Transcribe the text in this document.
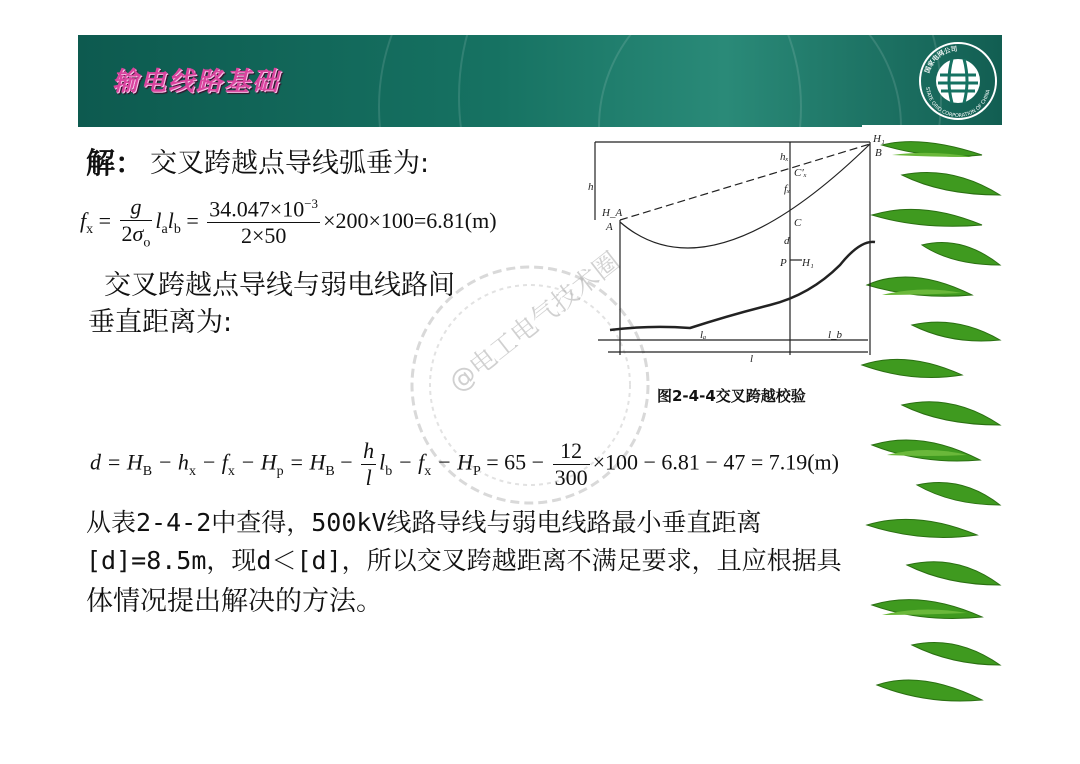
输电线路基础	国家电网公司
STATE GRID CORPORATION OF CHINA
@电工电气技术圈
解： 交叉跨越点导线弧垂为:
$f_x = \frac{g}{2\sigma_o} l_al_b = \frac{34.047\times 10^{-3}}{2\times 50} \times 200\times 100=6.81(m)$
交叉跨越点导线与弱电线路间
垂直距离为:
H₁
B
hₓ
C′ₓ
fₓ
C
d
H_A
A
h
P H₁
lₐ	l_b
l
图2-4-4交叉跨越校验
$d = H_B - h_x - f_x - H_p = H_B - \frac{h}{l} l_b - f_x - H_P = 65 - \frac{12}{300} \times 100 - 6.81 - 47 = 7.19(m)$
从表2-4-2中查得，500kV线路导线与弱电线路最小垂直距离
[d]=8.5m，现d＜[d]，所以交叉跨越距离不满足要求，且应根据具
体情况提出解决的方法。
